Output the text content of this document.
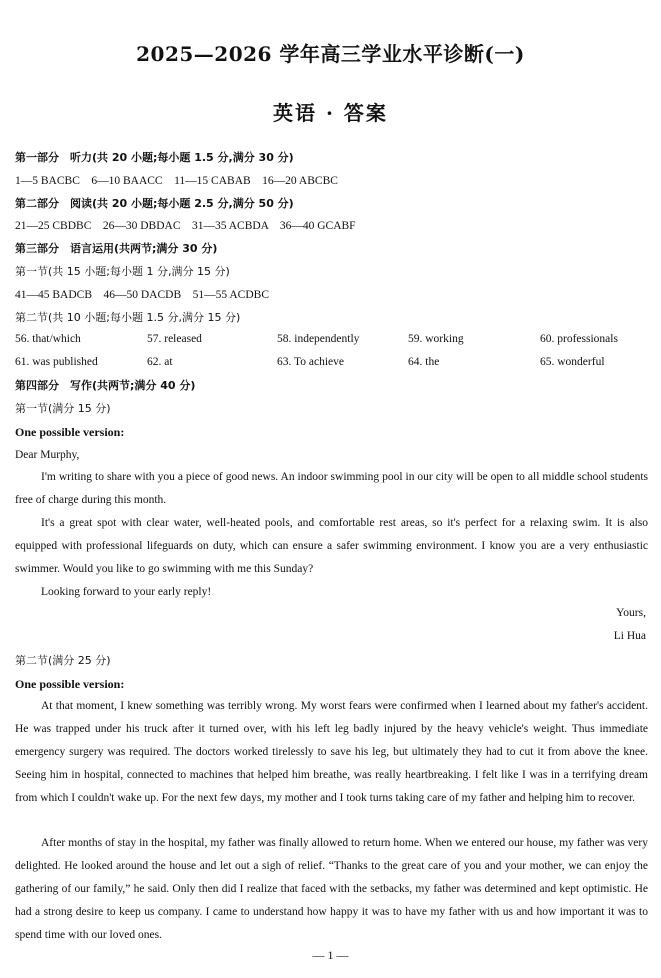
2025—2026 学年高三学业水平诊断(一)
英语 · 答案
第一部分　听力(共 20 小题;每小题 1.5 分,满分 30 分)
1—5 BACBC　6—10 BAACC　11—15 CABAB　16—20 ABCBC
第二部分　阅读(共 20 小题;每小题 2.5 分,满分 50 分)
21—25 CBDBC　26—30 DBDAC　31—35 ACBDA　36—40 GCABF
第三部分　语言运用(共两节;满分 30 分)
第一节(共 15 小题;每小题 1 分,满分 15 分)
41—45 BADCB　46—50 DACDB　51—55 ACDBC
第二节(共 10 小题;每小题 1.5 分,满分 15 分)
56. that/which	57. released	58. independently	59. working	60. professionals
61. was published	62. at	63. To achieve	64. the	65. wonderful
第四部分　写作(共两节;满分 40 分)
第一节(满分 15 分)
One possible version:
Dear Murphy,
I'm writing to share with you a piece of good news. An indoor swimming pool in our city will be open to all middle school students free of charge during this month.
It's a great spot with clear water, well-heated pools, and comfortable rest areas, so it's perfect for a relaxing swim. It is also equipped with professional lifeguards on duty, which can ensure a safer swimming environment. I know you are a very enthusiastic swimmer. Would you like to go swimming with me this Sunday?
Looking forward to your early reply!
Yours,
Li Hua
第二节(满分 25 分)
One possible version:
At that moment, I knew something was terribly wrong. My worst fears were confirmed when I learned about my father's accident. He was trapped under his truck after it turned over, with his left leg badly injured by the heavy vehicle's weight. Thus immediate emergency surgery was required. The doctors worked tirelessly to save his leg, but ultimately they had to cut it from above the knee. Seeing him in hospital, connected to machines that helped him breathe, was really heartbreaking. I felt like I was in a terrifying dream from which I couldn't wake up. For the next few days, my mother and I took turns taking care of my father and helping him to recover.
After months of stay in the hospital, my father was finally allowed to return home. When we entered our house, my father was very delighted. He looked around the house and let out a sigh of relief. “Thanks to the great care of you and your mother, we can enjoy the gathering of our family,” he said. Only then did I realize that faced with the setbacks, my father was determined and kept optimistic. He had a strong desire to keep us company. I came to understand how happy it was to have my father with us and how important it was to spend time with our loved ones.
— 1 —
